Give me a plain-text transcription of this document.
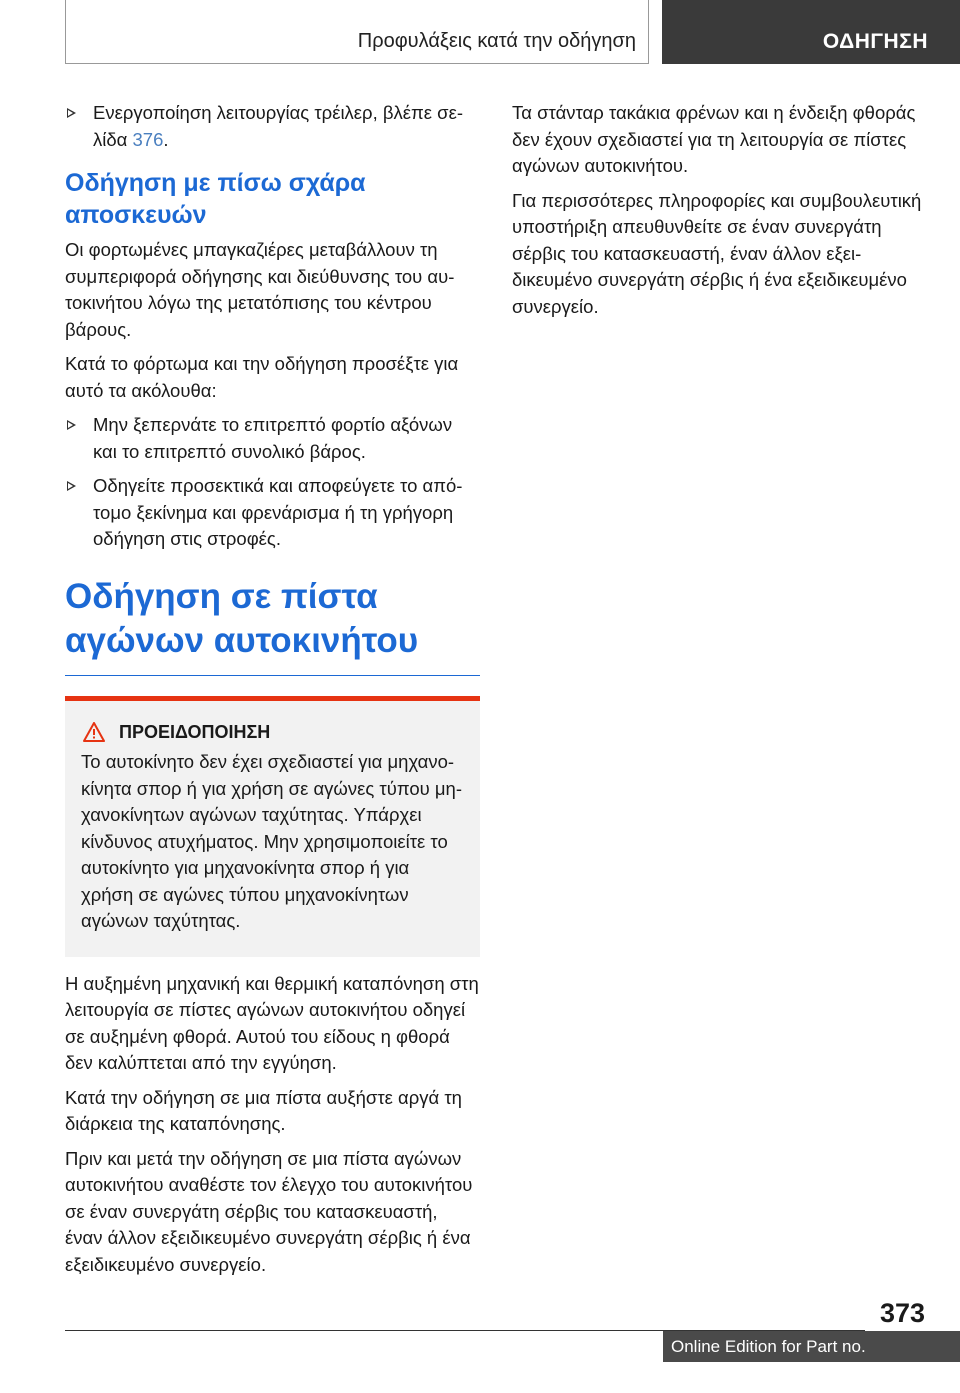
Προφυλάξεις κατά την οδήγηση	ΟΔΗΓΗΣΗ
Ενεργοποίηση λειτουργίας τρέιλερ, βλέπε σελίδα 376.
Οδήγηση με πίσω σχάρα αποσκευών

Οι φορτωμένες μπαγκαζιέρες μεταβάλλουν τη συμπεριφορά οδήγησης και διεύθυνσης του αυτοκινήτου λόγω της μετατόπισης του κέντρου βάρους.

Κατά το φόρτωμα και την οδήγηση προσέξτε για αυτό τα ακόλουθα:

Μην ξεπερνάτε το επιτρεπτό φορτίο αξόνων και το επιτρεπτό συνολικό βάρος.
Οδηγείτε προσεκτικά και αποφεύγετε το απότομο ξεκίνημα και φρενάρισμα ή τη γρήγορη οδήγηση στις στροφές.
Οδήγηση σε πίστα αγώνων αυτοκινήτου
ΠΡΟΕΙΔΟΠΟΙΗΣΗ

Το αυτοκίνητο δεν έχει σχεδιαστεί για μηχανοκίνητα σπορ ή για χρήση σε αγώνες τύπου μηχανοκίνητων αγώνων ταχύτητας. Υπάρχει κίνδυνος ατυχήματος. Μην χρησιμοποιείτε το αυτοκίνητο για μηχανοκίνητα σπορ ή για χρήση σε αγώνες τύπου μηχανοκίνητων αγώνων ταχύτητας.

Η αυξημένη μηχανική και θερμική καταπόνηση στη λειτουργία σε πίστες αγώνων αυτοκινήτου οδηγεί σε αυξημένη φθορά. Αυτού του είδους η φθορά δεν καλύπτεται από την εγγύηση.

Κατά την οδήγηση σε μια πίστα αυξήστε αργά τη διάρκεια της καταπόνησης.

Πριν και μετά την οδήγηση σε μια πίστα αγώνων αυτοκινήτου αναθέστε τον έλεγχο του αυτοκινήτου σε έναν συνεργάτη σέρβις του κατασκευαστή, έναν άλλον εξειδικευμένο συνεργάτη σέρβις ή ένα εξειδικευμένο συνεργείο.

Τα στάνταρ τακάκια φρένων και η ένδειξη φθοράς δεν έχουν σχεδιαστεί για τη λειτουργία σε πίστες αγώνων αυτοκινήτου.

Για περισσότερες πληροφορίες και συμβουλευτική υποστήριξη απευθυνθείτε σε έναν συνεργάτη σέρβις του κατασκευαστή, έναν άλλον εξειδικευμένο συνεργάτη σέρβις ή ένα εξειδικευμένο συνεργείο.

373
Online Edition for Part no. 01405A2D1F9 - II/21
